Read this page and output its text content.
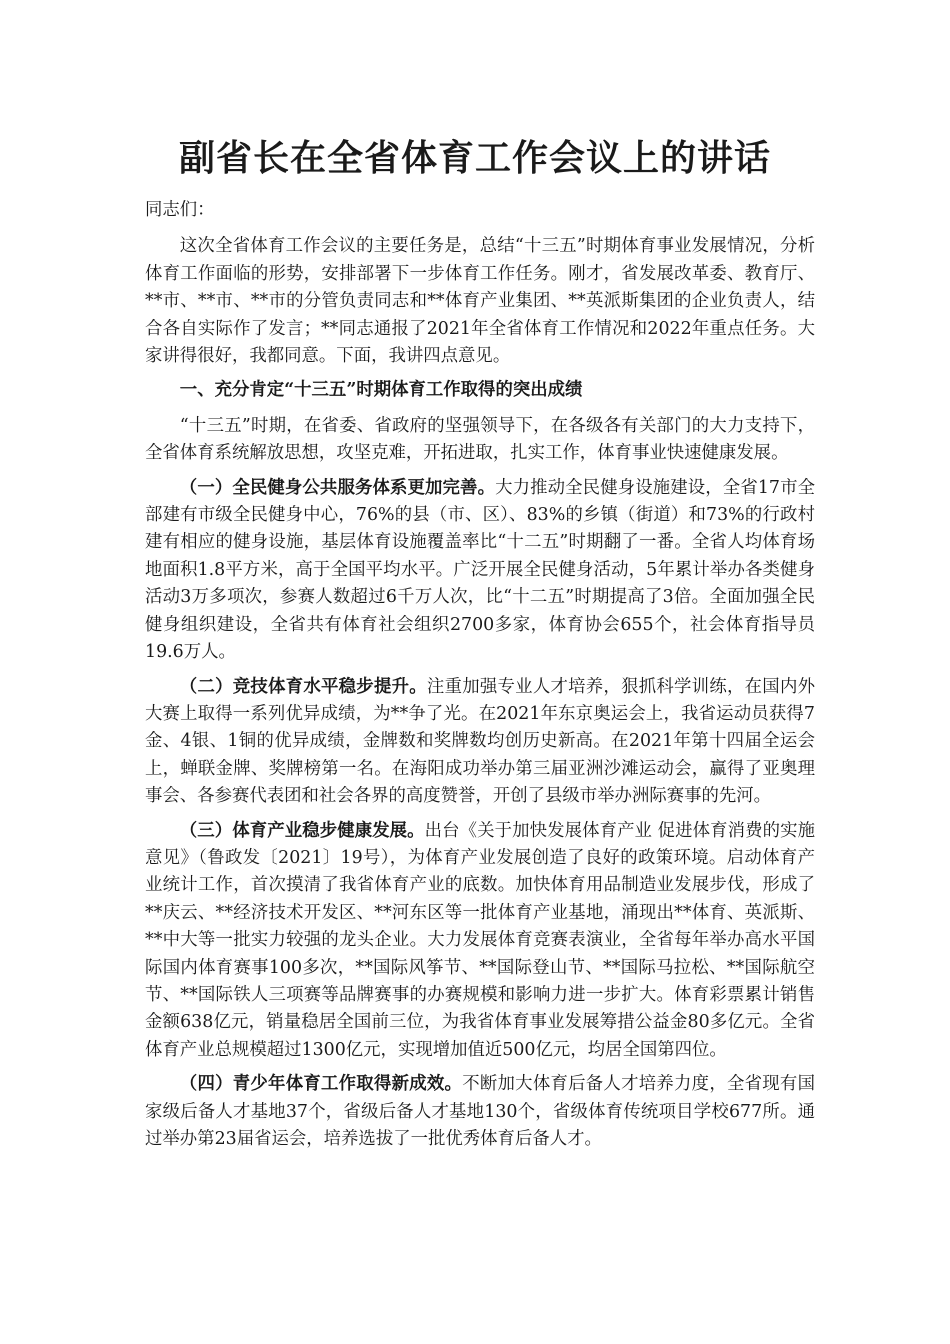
副省长在全省体育工作会议上的讲话

同志们：

这次全省体育工作会议的主要任务是，总结“十三五”时期体育事业发展情况，分析体育工作面临的形势，安排部署下一步体育工作任务。刚才，省发展改革委、教育厅、**市、**市、**市的分管负责同志和**体育产业集团、**英派斯集团的企业负责人，结合各自实际作了发言；**同志通报了2021年全省体育工作情况和2022年重点任务。大家讲得很好，我都同意。下面，我讲四点意见。

一、充分肯定“十三五”时期体育工作取得的突出成绩

“十三五”时期，在省委、省政府的坚强领导下，在各级各有关部门的大力支持下，全省体育系统解放思想，攻坚克难，开拓进取，扎实工作，体育事业快速健康发展。

（一）全民健身公共服务体系更加完善。大力推动全民健身设施建设，全省17市全部建有市级全民健身中心，76%的县（市、区）、83%的乡镇（街道）和73%的行政村建有相应的健身设施，基层体育设施覆盖率比“十二五”时期翻了一番。全省人均体育场地面积1.8平方米，高于全国平均水平。广泛开展全民健身活动，5年累计举办各类健身活动3万多项次，参赛人数超过6千万人次，比“十二五”时期提高了3倍。全面加强全民健身组织建设，全省共有体育社会组织2700多家，体育协会655个，社会体育指导员19.6万人。

（二）竞技体育水平稳步提升。注重加强专业人才培养，狠抓科学训练，在国内外大赛上取得一系列优异成绩，为**争了光。在2021年东京奥运会上，我省运动员获得7金、4银、1铜的优异成绩，金牌数和奖牌数均创历史新高。在2021年第十四届全运会上，蝉联金牌、奖牌榜第一名。在海阳成功举办第三届亚洲沙滩运动会，赢得了亚奥理事会、各参赛代表团和社会各界的高度赞誉，开创了县级市举办洲际赛事的先河。

（三）体育产业稳步健康发展。出台《关于加快发展体育产业 促进体育消费的实施意见》（鲁政发〔2021〕19号），为体育产业发展创造了良好的政策环境。启动体育产业统计工作，首次摸清了我省体育产业的底数。加快体育用品制造业发展步伐，形成了**庆云、**经济技术开发区、**河东区等一批体育产业基地，涌现出**体育、英派斯、**中大等一批实力较强的龙头企业。大力发展体育竞赛表演业，全省每年举办高水平国际国内体育赛事100多次，**国际风筝节、**国际登山节、**国际马拉松、**国际航空节、**国际铁人三项赛等品牌赛事的办赛规模和影响力进一步扩大。体育彩票累计销售金额638亿元，销量稳居全国前三位，为我省体育事业发展筹措公益金80多亿元。全省体育产业总规模超过1300亿元，实现增加值近500亿元，均居全国第四位。

（四）青少年体育工作取得新成效。不断加大体育后备人才培养力度，全省现有国家级后备人才基地37个，省级后备人才基地130个，省级体育传统项目学校677所。通过举办第23届省运会，培养选拔了一批优秀体育后备人才。
